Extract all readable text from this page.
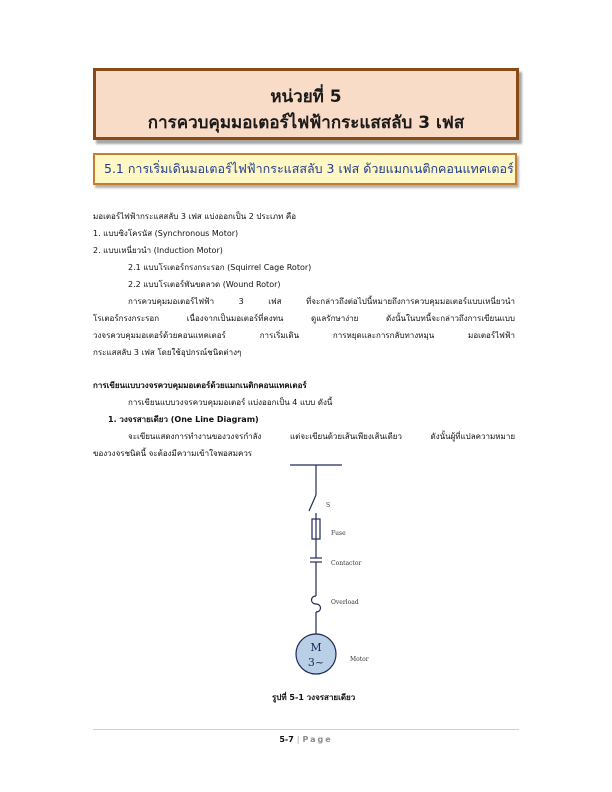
หน่วยที่ 5
การควบคุมมอเตอร์ไฟฟ้ากระแสสลับ 3 เฟส
5.1 การเริ่มเดินมอเตอร์ไฟฟ้ากระแสสลับ 3 เฟส ด้วยแมกเนติกคอนแทคเตอร์
มอเตอร์ไฟฟ้ากระแสสลับ 3 เฟส แบ่งออกเป็น 2 ประเภท คือ
1. แบบซิงโครนัส (Synchronous Motor)
2. แบบเหนี่ยวนำ (Induction Motor)
2.1 แบบโรเตอร์กรงกระรอก (Squirrel Cage Rotor)
2.2 แบบโรเตอร์พันขดลวด (Wound Rotor)
การควบคุมมอเตอร์ไฟฟ้า 3 เฟส ที่จะกล่าวถึงต่อไปนี้หมายถึงการควบคุมมอเตอร์แบบเหนี่ยวนำ
โรเตอร์กรงกระรอก เนื่องจากเป็นมอเตอร์ที่คงทน ดูแลรักษาง่าย ดังนั้นในบทนี้จะกล่าวถึงการเขียนแบบ
วงจรควบคุมมอเตอร์ด้วยคอนแทคเตอร์ การเริ่มเดิน การหยุดและการกลับทางหมุน มอเตอร์ไฟฟ้า
กระแสสลับ 3 เฟส โดยใช้อุปกรณ์ชนิดต่างๆ
การเขียนแบบวงจรควบคุมมอเตอร์ด้วยแมกเนติกคอนแทคเตอร์
การเขียนแบบวงจรควบคุมมอเตอร์ แบ่งออกเป็น 4 แบบ ดังนี้
1. วงจรสายเดียว (One Line Diagram)
จะเขียนแสดงการทำงานของวงจรกำลัง แต่จะเขียนด้วยเส้นเพียงเส้นเดียว ดังนั้นผู้ที่แปลความหมาย
ของวงจรชนิดนี้ จะต้องมีความเข้าใจพอสมควร
M
3~
S
Fuse
Contactor
Overload
Motor
รูปที่ 5-1 วงจรสายเดียว
5-7 | Page
